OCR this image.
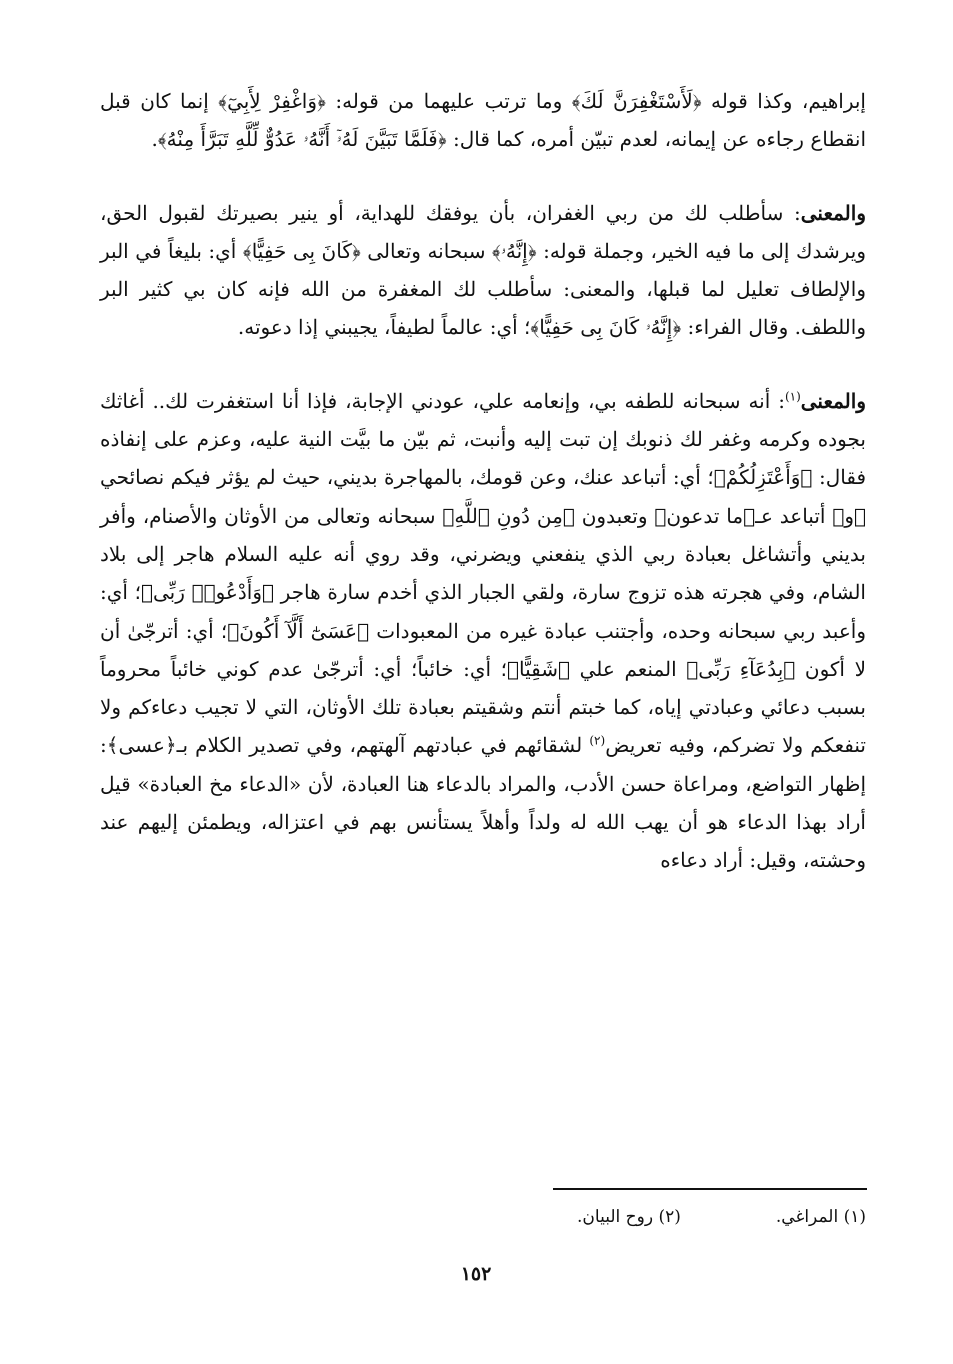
إبراهيم، وكذا قوله ﴿لَأَسْتَغْفِرَنَّ لَكَ﴾ وما ترتب عليهما من قوله: ﴿وَاغْفِرْ لِأَبِيٓ﴾ إنما كان قبل انقطاع رجاءه عن إيمانه، لعدم تبيّن أمره، كما قال: ﴿فَلَمَّا تَبَيَّنَ لَهُۥٓ أَنَّهُۥ عَدُوٌّ لِّلَّهِ تَبَرَّأَ مِنْهُ﴾.

والمعنى: سأطلب لك من ربي الغفران، بأن يوفقك للهداية، أو ينير بصيرتك لقبول الحق، ويرشدك إلى ما فيه الخير، وجملة قوله: ﴿إِنَّهُۥ﴾ سبحانه وتعالى ﴿كَانَ بِى حَفِيًّا﴾ أي: بليغاً في البر والإلطاف تعليل لما قبلها، والمعنى: سأطلب لك المغفرة من الله فإنه كان بي كثير البر واللطف. وقال الفراء: ﴿إِنَّهُۥ كَانَ بِى حَفِيًّا﴾؛ أي: عالماً لطيفاً، يجيبني إذا دعوته.

والمعنى$^{(١)}$: أنه سبحانه للطفه بي، وإنعامه علي، عودني الإجابة، فإذا أنا استغفرت لك.. أغاثك بجوده وكرمه وغفر لك ذنوبك إن تبت إليه وأنبت، ثم بيّن ما بيَّت النية عليه، وعزم على إنفاذه فقال: ﴿وَأَعْتَزِلُكُمْ﴾؛ أي: أتباعد عنك، وعن قومك، بالمهاجرة بديني، حيث لم يؤثر فيكم نصائحي ﴿و﴾ أتباعد عـ﴿ما تدعون﴾ وتعبدون ﴿مِن دُونِ ٱللَّهِ﴾ سبحانه وتعالى من الأوثان والأصنام، وأفر بديني وأتشاغل بعبادة ربي الذي ينفعني ويضرني، وقد روي أنه عليه السلام هاجر إلى بلاد الشام، وفي هجرته هذه تزوج سارة، ولقي الجبار الذي أخدم سارة هاجر ﴿وَأَدْعُوا۟ رَبِّى﴾؛ أي: وأعبد ربي سبحانه وحده، وأجتنب عبادة غيره من المعبودات ﴿عَسَىٰٓ أَلَّآ أَكُونَ﴾؛ أي: أترجّىٰ أن لا أكون ﴿بِدُعَآءِ رَبِّى﴾ المنعم علي ﴿شَقِيًّا﴾؛ أي: خائباً؛ أي: أترجّىٰ عدم كوني خائباً محروماً بسبب دعائي وعبادتي إياه، كما خبتم أنتم وشقيتم بعبادة تلك الأوثان، التي لا تجيب دعاءكم ولا تنفعكم ولا تضركم، وفيه تعريض$^{(٢)}$ لشقائهم في عبادتهم آلهتهم، وفي تصدير الكلام بـ﴿عسى﴾: إظهار التواضع، ومراعاة حسن الأدب، والمراد بالدعاء هنا العبادة، لأن «الدعاء مخ العبادة» قيل أراد بهذا الدعاء هو أن يهب الله له ولداً وأهلاً يستأنس بهم في اعتزاله، ويطمئن إليهم عند وحشته، وقيل: أراد دعاءه

(١) المراغي.
(٢) روح البيان.
١٥٢
